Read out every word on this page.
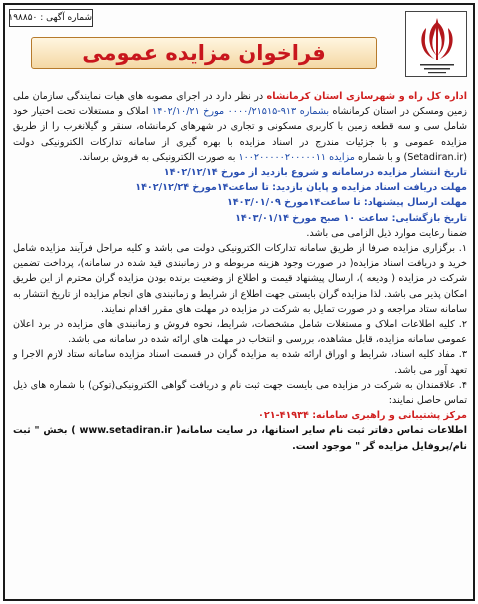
شماره آگهی : ۱۹۸۸۵۰
فراخوان مزایده عمومی

اداره کل راه و شهرسازی استان کرمانشاه در نظر دارد در اجرای مصوبه های هیات نمایندگی سازمان ملی زمین ومسکن در استان کرمانشاه بشماره ۹۱۳-۰۰۰۰/۲۱۵۱۵ مورخ ۱۴۰۲/۱۰/۲۱ املاک و مستغلات تحت اختیار خود شامل سی و سه قطعه زمین با کاربری مسکونی و تجاری در شهرهای کرمانشاه، سنقر و گیلانغرب را از طریق مزایده عمومی و با جزئیات مندرج در اسناد مزایده با بهره گیری از سامانه تدارکات الکترونیکی دولت (Setadiran.ir) و با شماره مزایده ۱۰۰۲۰۰۰۰۰۲۰۰۰۰۰۱۱ به صورت الکترونیکی به فروش برساند.

تاریخ انتشار مزایده درسامانه و شروع بازدید از مورخ ۱۴۰۲/۱۲/۱۴

مهلت دریافت اسناد مزایده و پایان بازدید: تا ساعت۱۴مورخ ۱۴۰۲/۱۲/۲۴

مهلت ارسال پیشنهاد: تا ساعت۱۴مورخ ۱۴۰۳/۰۱/۰۹

تاریخ بازگشایی: ساعت ۱۰ صبح مورخ ۱۴۰۳/۰۱/۱۴

ضمنا رعایت موارد ذیل الزامی می باشد.

۱. برگزاری مزایده صرفا از طریق سامانه تدارکات الکترونیکی دولت می باشد و کلیه مراحل فرآیند مزایده شامل خرید و دریافت اسناد مزایده( در صورت وجود هزینه مربوطه و در زمانبندی قید شده در سامانه)، پرداخت تضمین شرکت در مزایده ( ودیعه )، ارسال پیشنهاد قیمت و اطلاع از وضعیت برنده بودن مزایده گران محترم از این طریق امکان پذیر می باشد. لذا مزایده گران بایستی جهت اطلاع از شرایط و زمانبندی های انجام مزایده از تاریخ انتشار به سامانه ستاد مراجعه و در صورت تمایل به شرکت در مزایده در مهلت های مقرر اقدام نمایند.

۲. کلیه اطلاعات املاک و مستغلات شامل مشخصات، شرایط، نحوه فروش و زمانبندی های مزایده در برد اعلان عمومی سامانه مزایده، قابل مشاهده، بررسی و انتخاب در مهلت های ارائه شده در سامانه می باشد.

۳. مفاد کلیه اسناد، شرایط و اوراق ارائه شده به مزایده گران در قسمت اسناد مزایده سامانه ستاد لازم الاجرا و تعهد آور می باشد.

۴. علاقمندان به شرکت در مزایده می بایست جهت ثبت نام و دریافت گواهی الکترونیکی(توکن) با شماره های ذیل تماس حاصل نمایند:

مرکز پشتیبانی و راهبری سامانه: ۴۱۹۳۴-۰۲۱

اطلاعات تماس دفاتر ثبت نام سایر استانها، در سایت سامانه( www.setadiran.ir ) بخش " ثبت نام/پروفایل مزایده گر " موجود است.
